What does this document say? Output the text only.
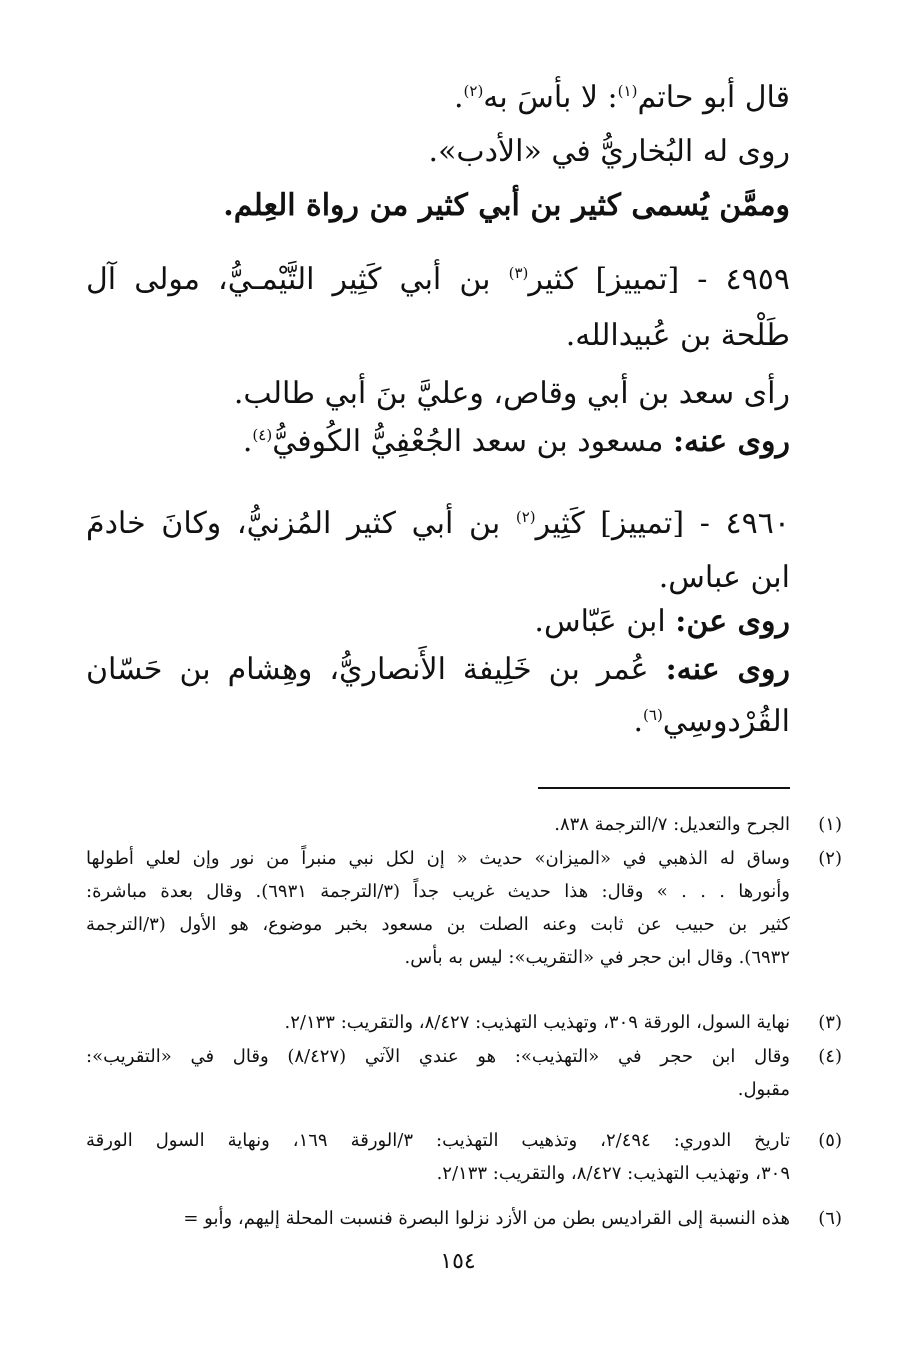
قال أبو حاتم$^{(١)}$: لا بأسَ به$^{(٢)}$.
روى له البُخاريُّ في «الأدب».
وممَّن يُسمى كثير بن أبي كثير من رواة العِلم.
٤٩٥٩ - [تمييز] كثير$^{(٣)}$ بن أبي كَثِير التَّيْمـيُّ، مولى آل
طَلْحة بن عُبيدالله.
رأى سعد بن أبي وقاص، وعليَّ بنَ أبي طالب.
روى عنه: مسعود بن سعد الجُعْفِيُّ الكُوفيُّ$^{(٤)}$.
٤٩٦٠ - [تمييز] كَثِير$^{(٢)}$ بن أبي كثير المُزنيُّ، وكانَ خادمَ
ابن عباس.
روى عن: ابن عَبّاس.
روى عنه: عُمر بن خَلِيفة الأَنصاريُّ، وهِشام بن حَسّان
القُرْدوسِي$^{(٦)}$.
(١)
الجرح والتعديل: ٧/الترجمة ٨٣٨.
(٢)
وساق له الذهبي في «الميزان» حديث « إن لكل نبي منبراً من نور وإن لعلي أطولها
وأنورها . . . » وقال: هذا حديث غريب جداً (٣/الترجمة ٦٩٣١). وقال بعدة مباشرة:
كثير بن حبيب عن ثابت وعنه الصلت بن مسعود بخبر موضوع، هو الأول (٣/الترجمة
٦٩٣٢). وقال ابن حجر في «التقريب»: ليس به بأس.
(٣)
نهاية السول، الورقة ٣٠٩، وتهذيب التهذيب: ٨/٤٢٧، والتقريب: ٢/١٣٣.
(٤)
وقال ابن حجر في «التهذيب»: هو عندي الآتي (٨/٤٢٧) وقال في «التقريب»:
مقبول.
(٥)
تاريخ الدوري: ٢/٤٩٤، وتذهيب التهذيب: ٣/الورقة ١٦٩، ونهاية السول الورقة
٣٠٩، وتهذيب التهذيب: ٨/٤٢٧، والتقريب: ٢/١٣٣.
(٦)
هذه النسبة إلى القراديس بطن من الأزد نزلوا البصرة فنسبت المحلة إليهم، وأبو =
١٥٤
